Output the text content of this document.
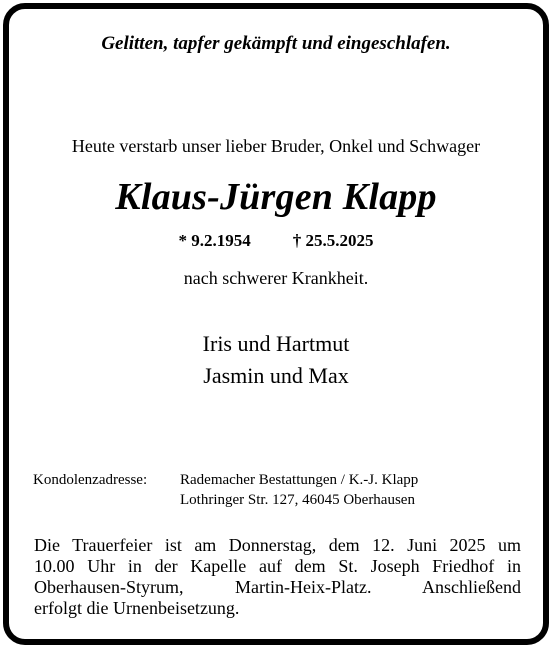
Gelitten, tapfer gekämpft und eingeschlafen.
Heute verstarb unser lieber Bruder, Onkel und Schwager
Klaus-Jürgen Klapp
* 9.2.1954 † 25.5.2025
nach schwerer Krankheit.
Iris und Hartmut
Jasmin und Max
Kondolenzadresse: Rademacher Bestattungen / K.-J. Klapp
Lothringer Str. 127, 46045 Oberhausen
Die Trauerfeier ist am Donnerstag, dem 12. Juni 2025 um
10.00 Uhr in der Kapelle auf dem St. Joseph Friedhof in
Oberhausen-Styrum, Martin-Heix-Platz. Anschließend
erfolgt die Urnenbeisetzung.
